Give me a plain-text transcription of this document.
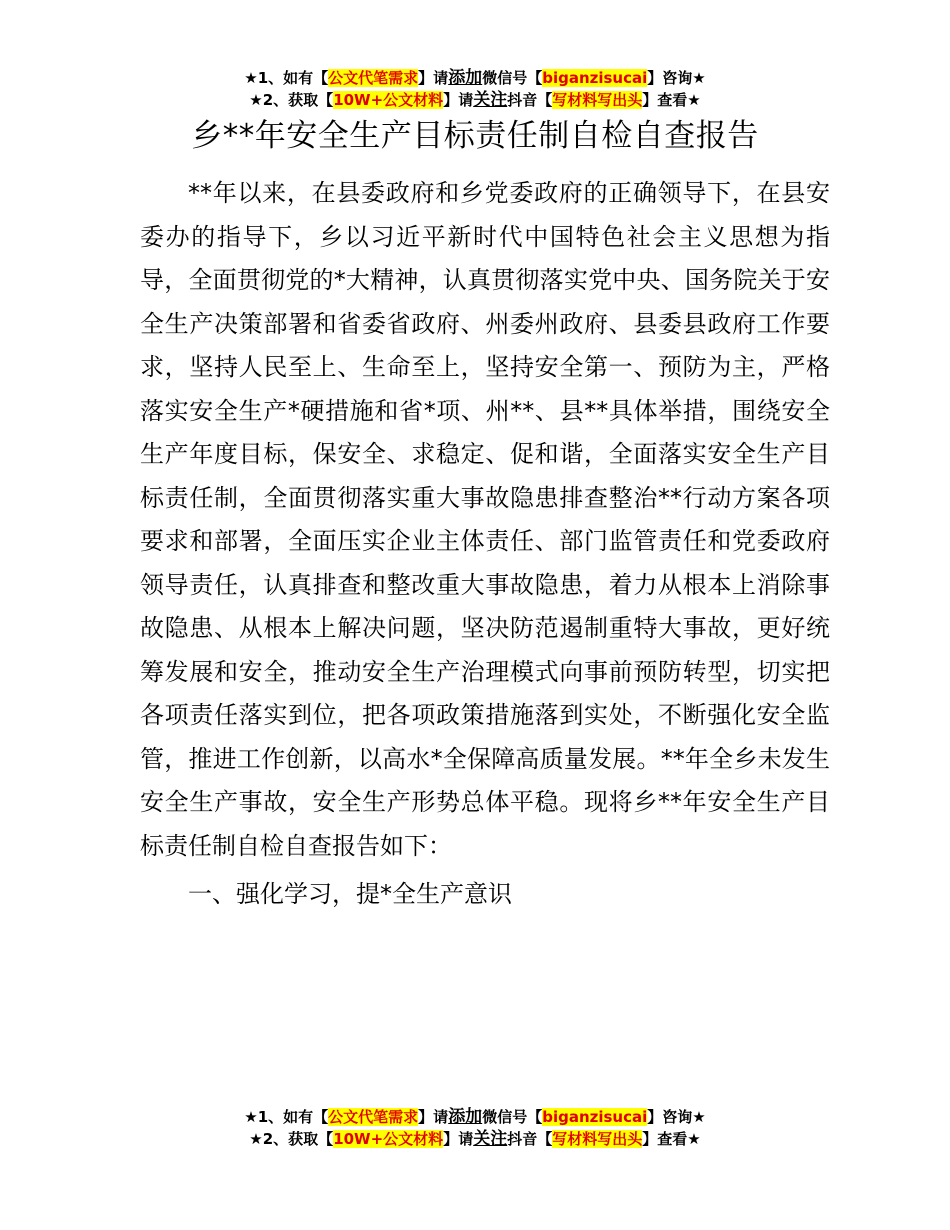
★1、如有【公文代笔需求】请添加微信号【biganzisucai】咨询★
★2、获取【10W+公文材料】请关注抖音【写材料写出头】查看★
乡**年安全生产目标责任制自检自查报告

**年以来，在县委政府和乡党委政府的正确领导下，在县安委办的指导下，乡以习近平新时代中国特色社会主义思想为指导，全面贯彻党的*大精神，认真贯彻落实党中央、国务院关于安全生产决策部署和省委省政府、州委州政府、县委县政府工作要求，坚持人民至上、生命至上，坚持安全第一、预防为主，严格落实安全生产*硬措施和省*项、州**、县**具体举措，围绕安全生产年度目标，保安全、求稳定、促和谐，全面落实安全生产目标责任制，全面贯彻落实重大事故隐患排查整治**行动方案各项要求和部署，全面压实企业主体责任、部门监管责任和党委政府领导责任，认真排查和整改重大事故隐患，着力从根本上消除事故隐患、从根本上解决问题，坚决防范遏制重特大事故，更好统筹发展和安全，推动安全生产治理模式向事前预防转型，切实把各项责任落实到位，把各项政策措施落到实处，不断强化安全监管，推进工作创新，以高水*全保障高质量发展。**年全乡未发生安全生产事故，安全生产形势总体平稳。现将乡**年安全生产目标责任制自检自查报告如下：

一、强化学习，提*全生产意识
★1、如有【公文代笔需求】请添加微信号【biganzisucai】咨询★
★2、获取【10W+公文材料】请关注抖音【写材料写出头】查看★
